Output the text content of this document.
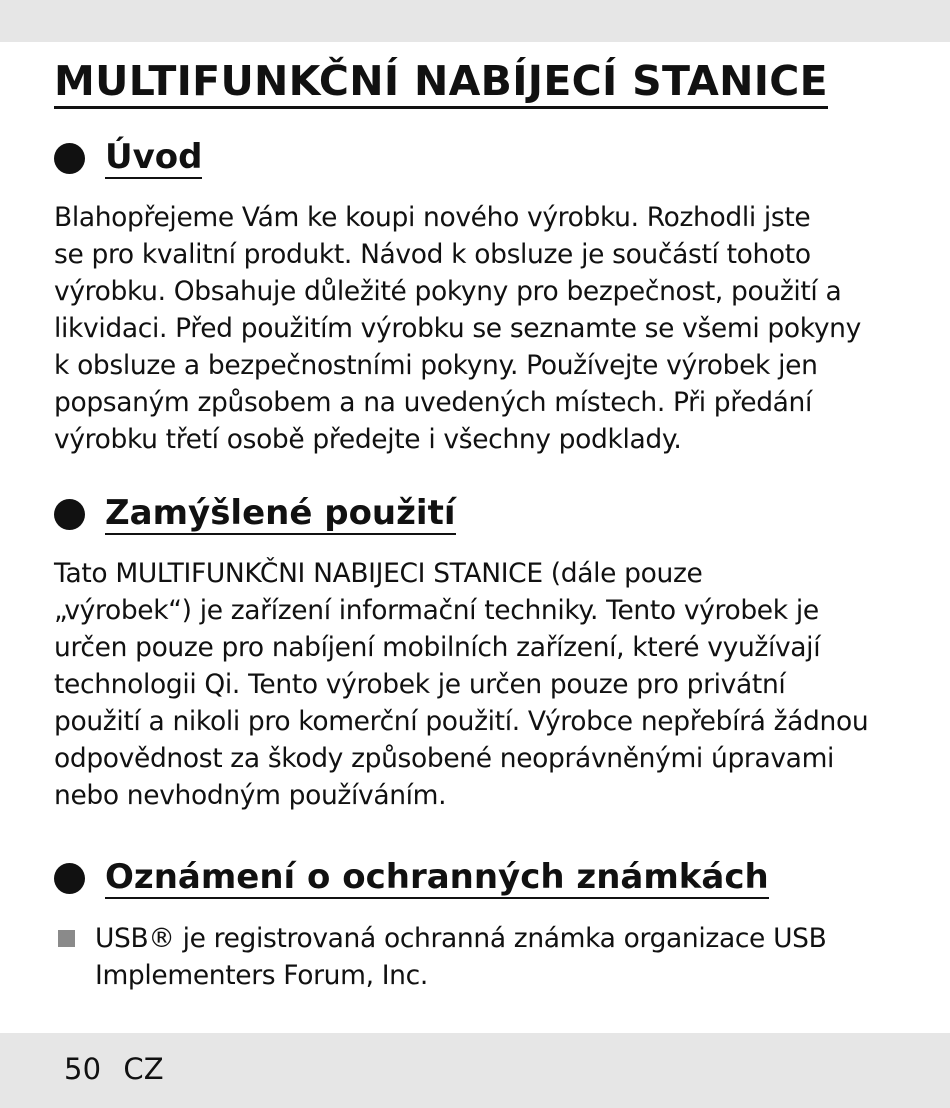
MULTIFUNKČNÍ NABÍJECÍ STANICE
Úvod
Blahopřejeme Vám ke koupi nového výrobku. Rozhodli jste
se pro kvalitní produkt. Návod k obsluze je součástí tohoto
výrobku. Obsahuje důležité pokyny pro bezpečnost, použití a
likvidaci. Před použitím výrobku se seznamte se všemi pokyny
k obsluze a bezpečnostními pokyny. Používejte výrobek jen
popsaným způsobem a na uvedených místech. Při předání
výrobku třetí osobě předejte i všechny podklady.
Zamýšlené použití
Tato MULTIFUNKČNI NABIJECI STANICE (dále pouze
„výrobek“) je zařízení informační techniky. Tento výrobek je
určen pouze pro nabíjení mobilních zařízení, které využívají
technologii Qi. Tento výrobek je určen pouze pro privátní
použití a nikoli pro komerční použití. Výrobce nepřebírá žádnou
odpovědnost za škody způsobené neoprávněnými úpravami
nebo nevhodným používáním.
Oznámení o ochranných známkách
USB® je registrovaná ochranná známka organizace USB
Implementers Forum, Inc.
50 CZ
